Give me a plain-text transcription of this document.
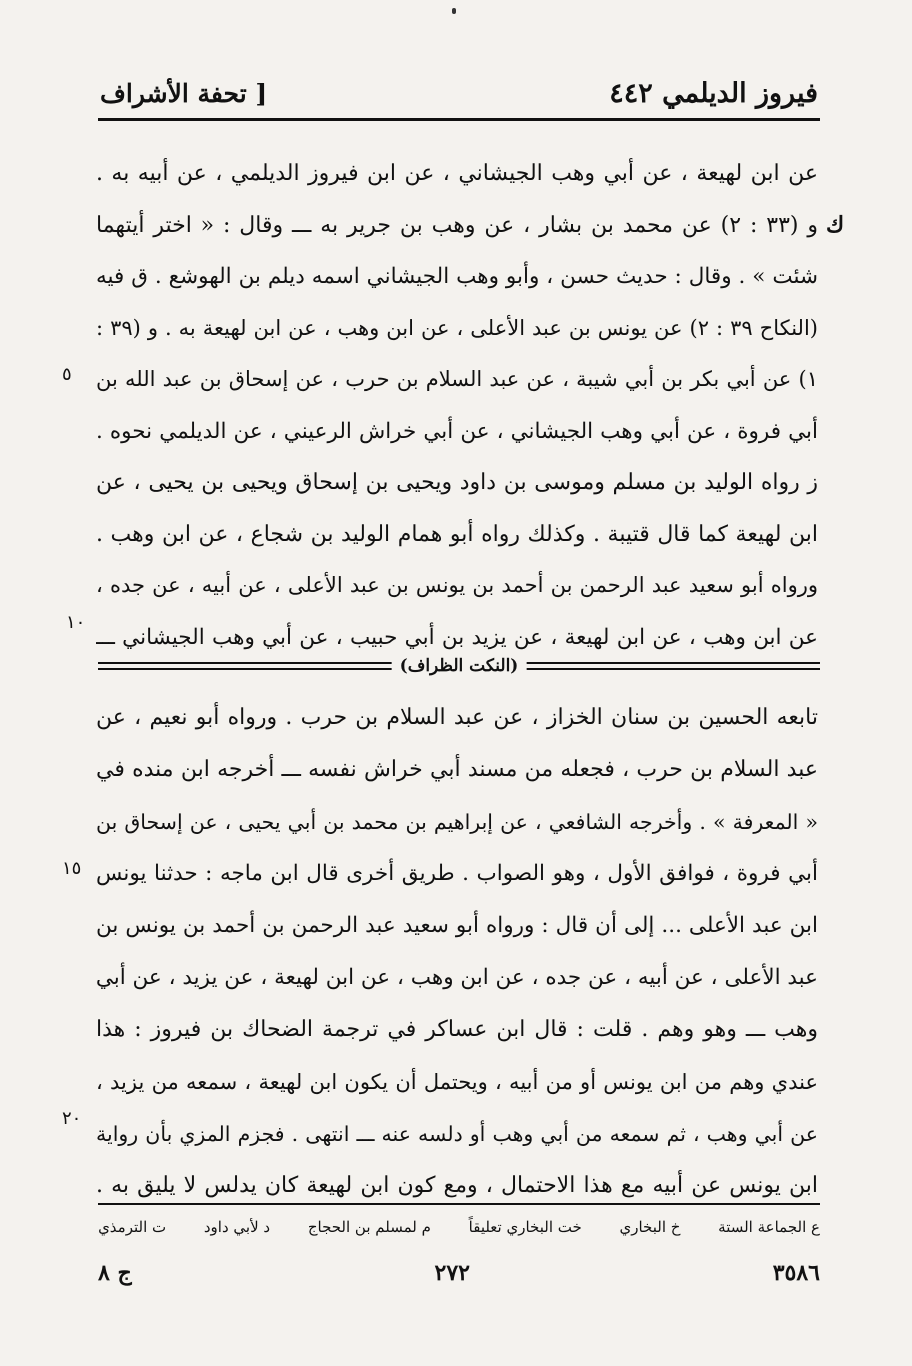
فيروز الديلمي ٤٤٢
[ تحفة الأشراف
عن ابن لهيعة ، عن أبي وهب الجيشاني ، عن ابن فيروز الديلمي ، عن أبيه به .
و (٣٣ : ٢) عن محمد بن بشار ، عن وهب بن جرير به ـــ وقال : « اختر أيتهما
شئت » . وقال : حديث حسن ، وأبو وهب الجيشاني اسمه ديلم بن الهوشع . ق فيه
(النكاح ٣٩ : ٢) عن يونس بن عبد الأعلى ، عن ابن وهب ، عن ابن لهيعة به . و (٣٩ :
١) عن أبي بكر بن أبي شيبة ، عن عبد السلام بن حرب ، عن إسحاق بن عبد الله بن
أبي فروة ، عن أبي وهب الجيشاني ، عن أبي خراش الرعيني ، عن الديلمي نحوه .
ز رواه الوليد بن مسلم وموسى بن داود ويحيى بن إسحاق ويحيى بن يحيى ، عن
ابن لهيعة كما قال قتيبة . وكذلك رواه أبو همام الوليد بن شجاع ، عن ابن وهب .
ورواه أبو سعيد عبد الرحمن بن أحمد بن يونس بن عبد الأعلى ، عن أبيه ، عن جده ،
عن ابن وهب ، عن ابن لهيعة ، عن يزيد بن أبي حبيب ، عن أبي وهب الجيشاني ـــ
ك
٥
١٠
(النكت الظراف)
تابعه الحسين بن سنان الخزاز ، عن عبد السلام بن حرب . ورواه أبو نعيم ، عن
عبد السلام بن حرب ، فجعله من مسند أبي خراش نفسه ـــ أخرجه ابن منده في
« المعرفة » . وأخرجه الشافعي ، عن إبراهيم بن محمد بن أبي يحيى ، عن إسحاق بن
أبي فروة ، فوافق الأول ، وهو الصواب . طريق أخرى قال ابن ماجه : حدثنا يونس
ابن عبد الأعلى ... إلى أن قال : ورواه أبو سعيد عبد الرحمن بن أحمد بن يونس بن
عبد الأعلى ، عن أبيه ، عن جده ، عن ابن وهب ، عن ابن لهيعة ، عن يزيد ، عن أبي
وهب ـــ وهو وهم . قلت : قال ابن عساكر في ترجمة الضحاك بن فيروز : هذا
عندي وهم من ابن يونس أو من أبيه ، ويحتمل أن يكون ابن لهيعة ، سمعه من يزيد ،
عن أبي وهب ، ثم سمعه من أبي وهب أو دلسه عنه ـــ انتهى . فجزم المزي بأن رواية
ابن يونس عن أبيه مع هذا الاحتمال ، ومع كون ابن لهيعة كان يدلس لا يليق به .
١٥
٢٠
ع الجماعة الستة
خ البخاري
خت البخاري تعليقاً
م لمسلم بن الحجاج
د لأبي داود
ت الترمذي
٣٥٨٦
٢٧٢
ج ٨
